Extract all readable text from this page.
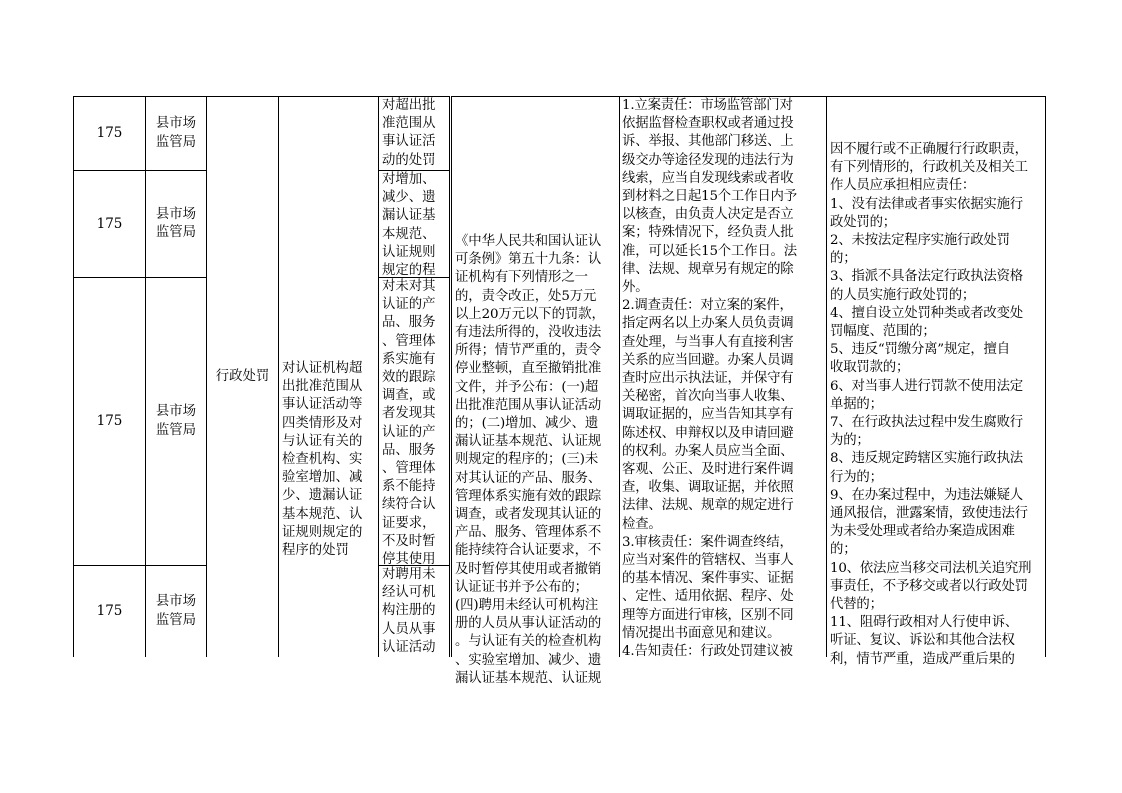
175
175
175
175
县市场
监管局
县市场
监管局
县市场
监管局
县市场
监管局
行政处罚
对认证机构超
出批准范围从
事认证活动等
四类情形及对
与认证有关的
检查机构、实
验室增加、减
少、遗漏认证
基本规范、认
证规则规定的
程序的处罚
对超出批
准范围从
事认证活
动的处罚
对增加、
减少、遗
漏认证基
本规范、
认证规则
规定的程
对未对其
认证的产
品、服务
、管理体
系实施有
效的跟踪
调查，或
者发现其
认证的产
品、服务
、管理体
系不能持
续符合认
证要求，
不及时暂
停其使用
对聘用未
经认可机
构注册的
人员从事
认证活动
《中华人民共和国认证认
可条例》第五十九条：认
证机构有下列情形之一
的，责令改正，处5万元
以上20万元以下的罚款，
有违法所得的，没收违法
所得；情节严重的，责令
停业整顿，直至撤销批准
文件，并予公布：(一)超
出批准范围从事认证活动
的；(二)增加、减少、遗
漏认证基本规范、认证规
则规定的程序的；(三)未
对其认证的产品、服务、
管理体系实施有效的跟踪
调查，或者发现其认证的
产品、服务、管理体系不
能持续符合认证要求，不
及时暂停其使用或者撤销
认证证书并予公布的；
(四)聘用未经认可机构注
册的人员从事认证活动的
。与认证有关的检查机构
、实验室增加、减少、遗
漏认证基本规范、认证规
1.立案责任：市场监管部门对
依据监督检查职权或者通过投
诉、举报、其他部门移送、上
级交办等途径发现的违法行为
线索，应当自发现线索或者收
到材料之日起15个工作日内予
以核查，由负责人决定是否立
案；特殊情况下，经负责人批
准，可以延长15个工作日。法
律、法规、规章另有规定的除
外。
2.调查责任：对立案的案件，
指定两名以上办案人员负责调
查处理，与当事人有直接利害
关系的应当回避。办案人员调
查时应出示执法证，并保守有
关秘密，首次向当事人收集、
调取证据的，应当告知其享有
陈述权、申辩权以及申请回避
的权利。办案人员应当全面、
客观、公正、及时进行案件调
查，收集、调取证据，并依照
法律、法规、规章的规定进行
检查。
3.审核责任：案件调查终结，
应当对案件的管辖权、当事人
的基本情况、案件事实、证据
、定性、适用依据、程序、处
理等方面进行审核，区别不同
情况提出书面意见和建议。
4.告知责任：行政处罚建议被
因不履行或不正确履行行政职责，
有下列情形的，行政机关及相关工
作人员应承担相应责任：
1、没有法律或者事实依据实施行
政处罚的；
2、未按法定程序实施行政处罚
的；
3、指派不具备法定行政执法资格
的人员实施行政处罚的；
4、擅自设立处罚种类或者改变处
罚幅度、范围的；
5、违反“罚缴分离”规定，擅自
收取罚款的；
6、对当事人进行罚款不使用法定
单据的；
7、在行政执法过程中发生腐败行
为的；
8、违反规定跨辖区实施行政执法
行为的；
9、在办案过程中，为违法嫌疑人
通风报信，泄露案情，致使违法行
为未受处理或者给办案造成困难
的；
10、依法应当移交司法机关追究刑
事责任，不予移交或者以行政处罚
代替的；
11、阻碍行政相对人行使申诉、
听证、复议、诉讼和其他合法权
利，情节严重，造成严重后果的
